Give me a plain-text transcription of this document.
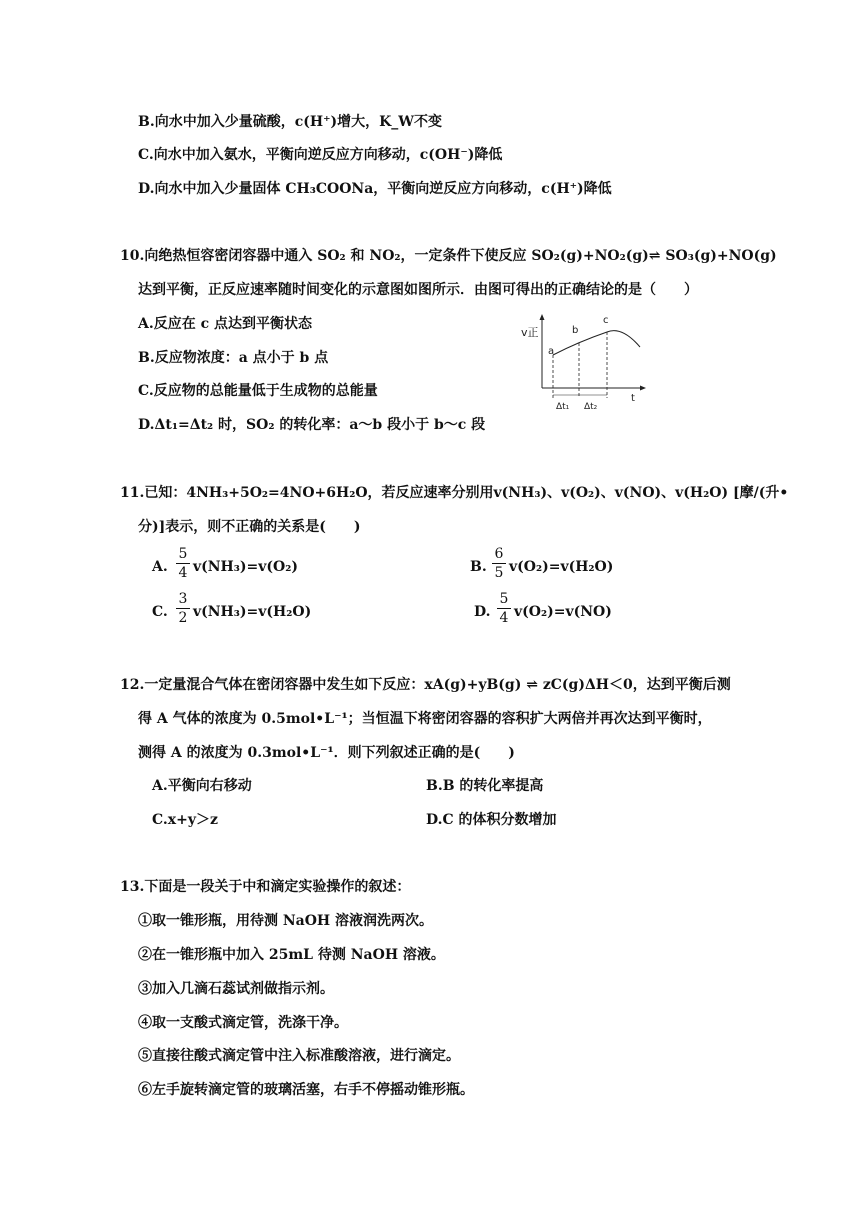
B.向水中加入少量硫酸，c(H⁺)增大，K_W不变
C.向水中加入氨水，平衡向逆反应方向移动，c(OH⁻)降低
D.向水中加入少量固体 CH₃COONa，平衡向逆反应方向移动，c(H⁺)降低
10.向绝热恒容密闭容器中通入 SO₂ 和 NO₂，一定条件下使反应 SO₂(g)+NO₂(g)⇌ SO₃(g)+NO(g)
达到平衡，正反应速率随时间变化的示意图如图所示．由图可得出的正确结论的是（　　）
A.反应在 c 点达到平衡状态
B.反应物浓度：a 点小于 b 点
C.反应物的总能量低于生成物的总能量
D.Δt₁=Δt₂ 时，SO₂ 的转化率：a～b 段小于 b～c 段
v正
t
a
b
c
Δt₁ Δt₂
11.已知：4NH₃+5O₂=4NO+6H₂O，若反应速率分别用v(NH₃)、v(O₂)、v(NO)、v(H₂O) [摩/(升•
分)]表示，则不正确的关系是(　　)
A.
5
4 v(NH₃)=v(O₂)	B.
6
5 v(O₂)=v(H₂O)
C.
3
2 v(NH₃)=v(H₂O)	D.
5
4 v(O₂)=v(NO)
12.一定量混合气体在密闭容器中发生如下反应：xA(g)+yB(g) ⇌ zC(g)ΔH＜0，达到平衡后测
得 A 气体的浓度为 0.5mol•L⁻¹；当恒温下将密闭容器的容积扩大两倍并再次达到平衡时，
测得 A 的浓度为 0.3mol•L⁻¹．则下列叙述正确的是(　　)
A.平衡向右移动	B.B 的转化率提高
C.x+y＞z	D.C 的体积分数增加
13.下面是一段关于中和滴定实验操作的叙述：
①取一锥形瓶，用待测 NaOH 溶液润洗两次。
②在一锥形瓶中加入 25mL 待测 NaOH 溶液。
③加入几滴石蕊试剂做指示剂。
④取一支酸式滴定管，洗涤干净。
⑤直接往酸式滴定管中注入标准酸溶液，进行滴定。
⑥左手旋转滴定管的玻璃活塞，右手不停摇动锥形瓶。
